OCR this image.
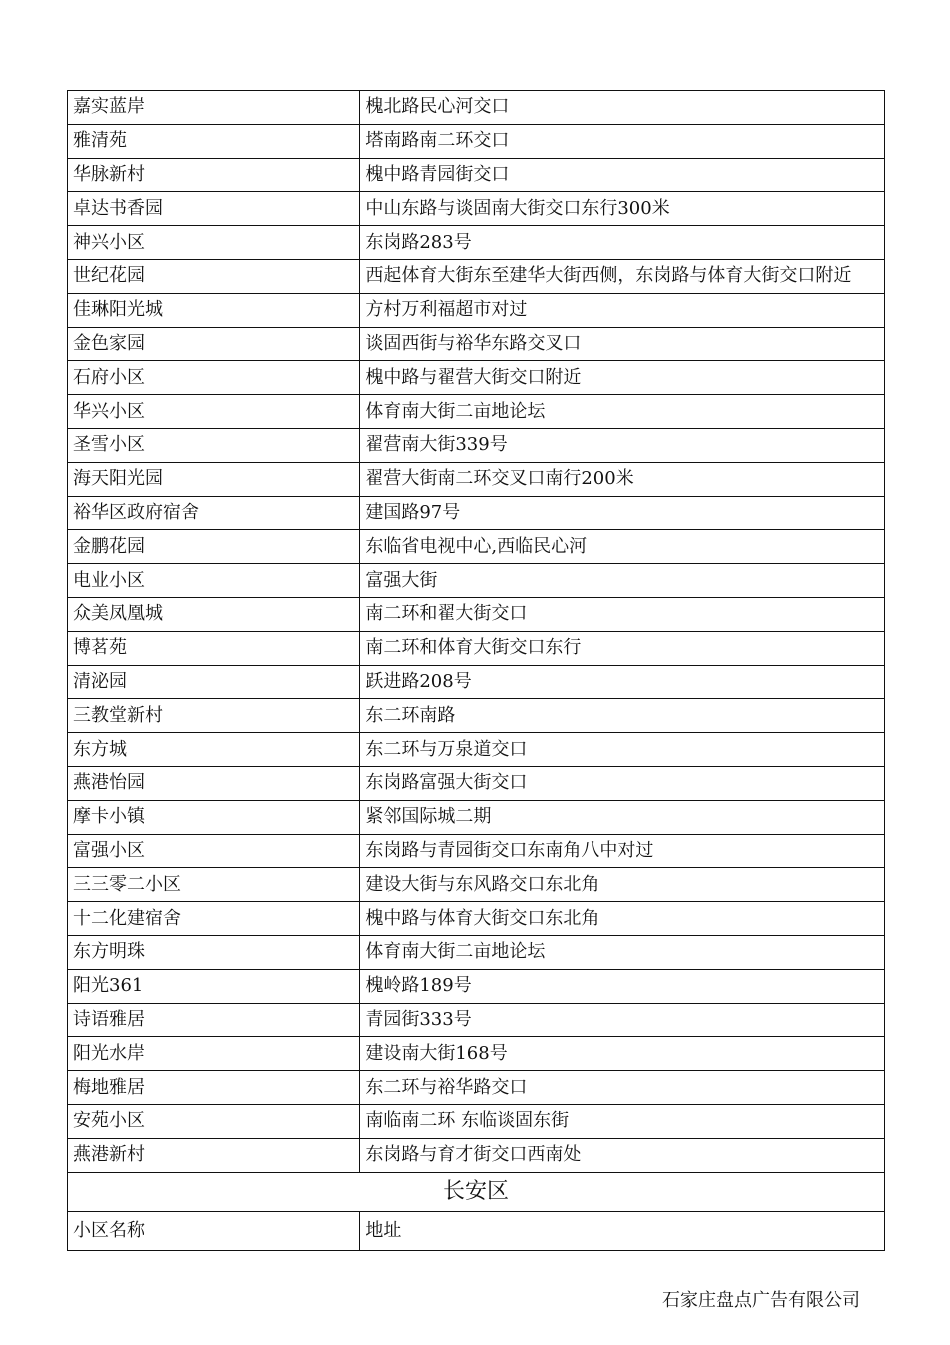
嘉实蓝岸	槐北路民心河交口
雅清苑	塔南路南二环交口
华脉新村	槐中路青园街交口
卓达书香园	中山东路与谈固南大街交口东行300米
神兴小区	东岗路283号
世纪花园	西起体育大街东至建华大街西侧，东岗路与体育大街交口附近
佳琳阳光城	方村万利福超市对过
金色家园	谈固西街与裕华东路交叉口
石府小区	槐中路与翟营大街交口附近
华兴小区	体育南大街二亩地论坛
圣雪小区	翟营南大街339号
海天阳光园	翟营大街南二环交叉口南行200米
裕华区政府宿舍	建国路97号
金鹏花园	东临省电视中心,西临民心河
电业小区	富强大街
众美凤凰城	南二环和翟大街交口
博茗苑	南二环和体育大街交口东行
清泌园	跃进路208号
三教堂新村	东二环南路
东方城	东二环与万泉道交口
燕港怡园	东岗路富强大街交口
摩卡小镇	紧邻国际城二期
富强小区	东岗路与青园街交口东南角八中对过
三三零二小区	建设大街与东风路交口东北角
十二化建宿舍	槐中路与体育大街交口东北角
东方明珠	体育南大街二亩地论坛
阳光361	槐岭路189号
诗语雅居	青园街333号
阳光水岸	建设南大街168号
梅地雅居	东二环与裕华路交口
安苑小区	南临南二环 东临谈固东街
燕港新村	东岗路与育才街交口西南处
长安区	
小区名称	地址
石家庄盘点广告有限公司
